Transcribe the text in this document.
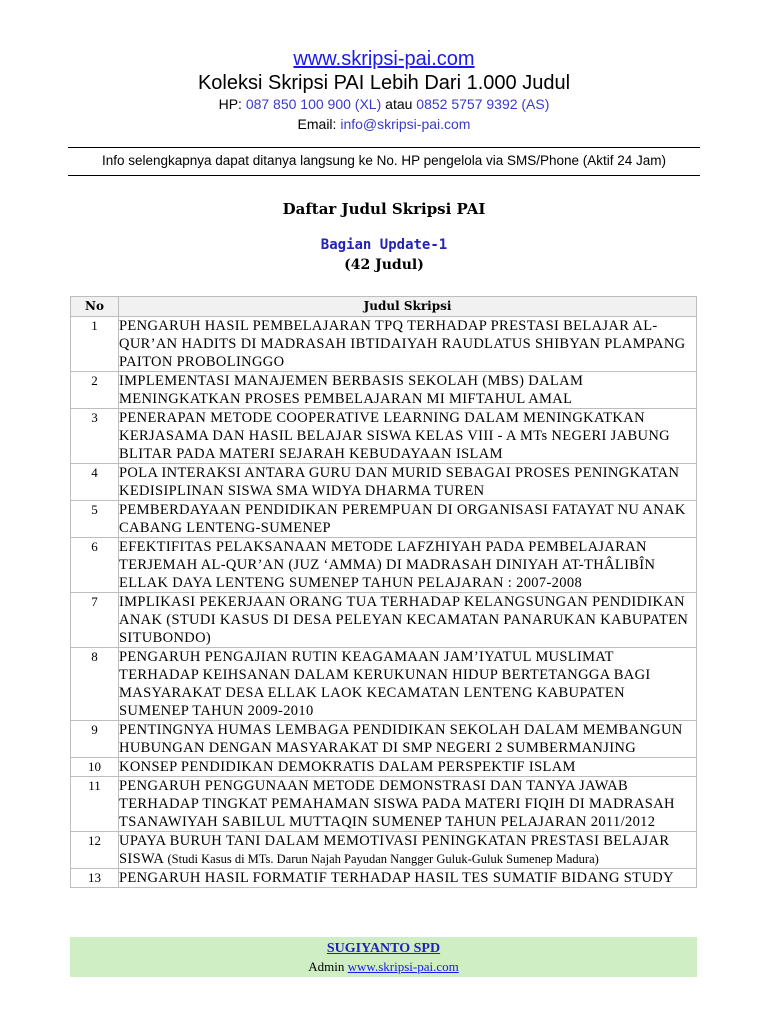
www.skripsi-pai.com
Koleksi Skripsi PAI Lebih Dari 1.000 Judul
HP: 087 850 100 900 (XL) atau 0852 5757 9392 (AS)
Email: info@skripsi-pai.com
Info selengkapnya dapat ditanya langsung ke No. HP pengelola via SMS/Phone (Aktif 24 Jam)
Daftar Judul Skripsi PAI
Bagian Update-1
(42 Judul)
No	Judul Skripsi
1	PENGARUH HASIL PEMBELAJARAN TPQ TERHADAP PRESTASI BELAJAR AL-QUR’AN HADITS DI MADRASAH IBTIDAIYAH RAUDLATUS SHIBYAN PLAMPANG PAITON PROBOLINGGO
2	IMPLEMENTASI MANAJEMEN BERBASIS SEKOLAH (MBS) DALAM MENINGKATKAN PROSES PEMBELAJARAN MI MIFTAHUL AMAL
3	PENERAPAN METODE COOPERATIVE LEARNING DALAM MENINGKATKAN KERJASAMA DAN HASIL BELAJAR SISWA KELAS VIII - A MTs NEGERI JABUNG BLITAR PADA MATERI SEJARAH KEBUDAYAAN ISLAM
4	POLA INTERAKSI ANTARA GURU DAN MURID SEBAGAI PROSES PENINGKATAN KEDISIPLINAN SISWA SMA WIDYA DHARMA TUREN
5	PEMBERDAYAAN PENDIDIKAN PEREMPUAN DI ORGANISASI FATAYAT NU ANAK CABANG LENTENG-SUMENEP
6	EFEKTIFITAS PELAKSANAAN METODE LAFZHIYAH PADA PEMBELAJARAN TERJEMAH AL-QUR’AN (JUZ ‘AMMA) DI MADRASAH DINIYAH AT-THÂLIBÎN ELLAK DAYA LENTENG SUMENEP TAHUN PELAJARAN : 2007-2008
7	IMPLIKASI PEKERJAAN ORANG TUA TERHADAP KELANGSUNGAN PENDIDIKAN ANAK (STUDI KASUS DI DESA PELEYAN KECAMATAN PANARUKAN KABUPATEN SITUBONDO)
8	PENGARUH PENGAJIAN RUTIN KEAGAMAAN JAM’IYATUL MUSLIMAT TERHADAP KEIHSANAN DALAM KERUKUNAN HIDUP BERTETANGGA BAGI MASYARAKAT DESA ELLAK LAOK KECAMATAN LENTENG KABUPATEN SUMENEP TAHUN 2009-2010
9	PENTINGNYA HUMAS LEMBAGA PENDIDIKAN SEKOLAH DALAM MEMBANGUN HUBUNGAN DENGAN MASYARAKAT DI SMP NEGERI 2 SUMBERMANJING
10	KONSEP PENDIDIKAN DEMOKRATIS DALAM PERSPEKTIF ISLAM
11	PENGARUH PENGGUNAAN METODE DEMONSTRASI DAN TANYA JAWAB TERHADAP TINGKAT PEMAHAMAN SISWA PADA MATERI FIQIH DI MADRASAH TSANAWIYAH SABILUL MUTTAQIN SUMENEP TAHUN PELAJARAN 2011/2012
12	UPAYA BURUH TANI DALAM MEMOTIVASI PENINGKATAN PRESTASI BELAJAR SISWA (Studi Kasus di MTs. Darun Najah Payudan Nangger Guluk-Guluk Sumenep Madura)
13	PENGARUH HASIL FORMATIF TERHADAP HASIL TES SUMATIF BIDANG STUDY
SUGIYANTO SPD
Admin www.skripsi-pai.com
